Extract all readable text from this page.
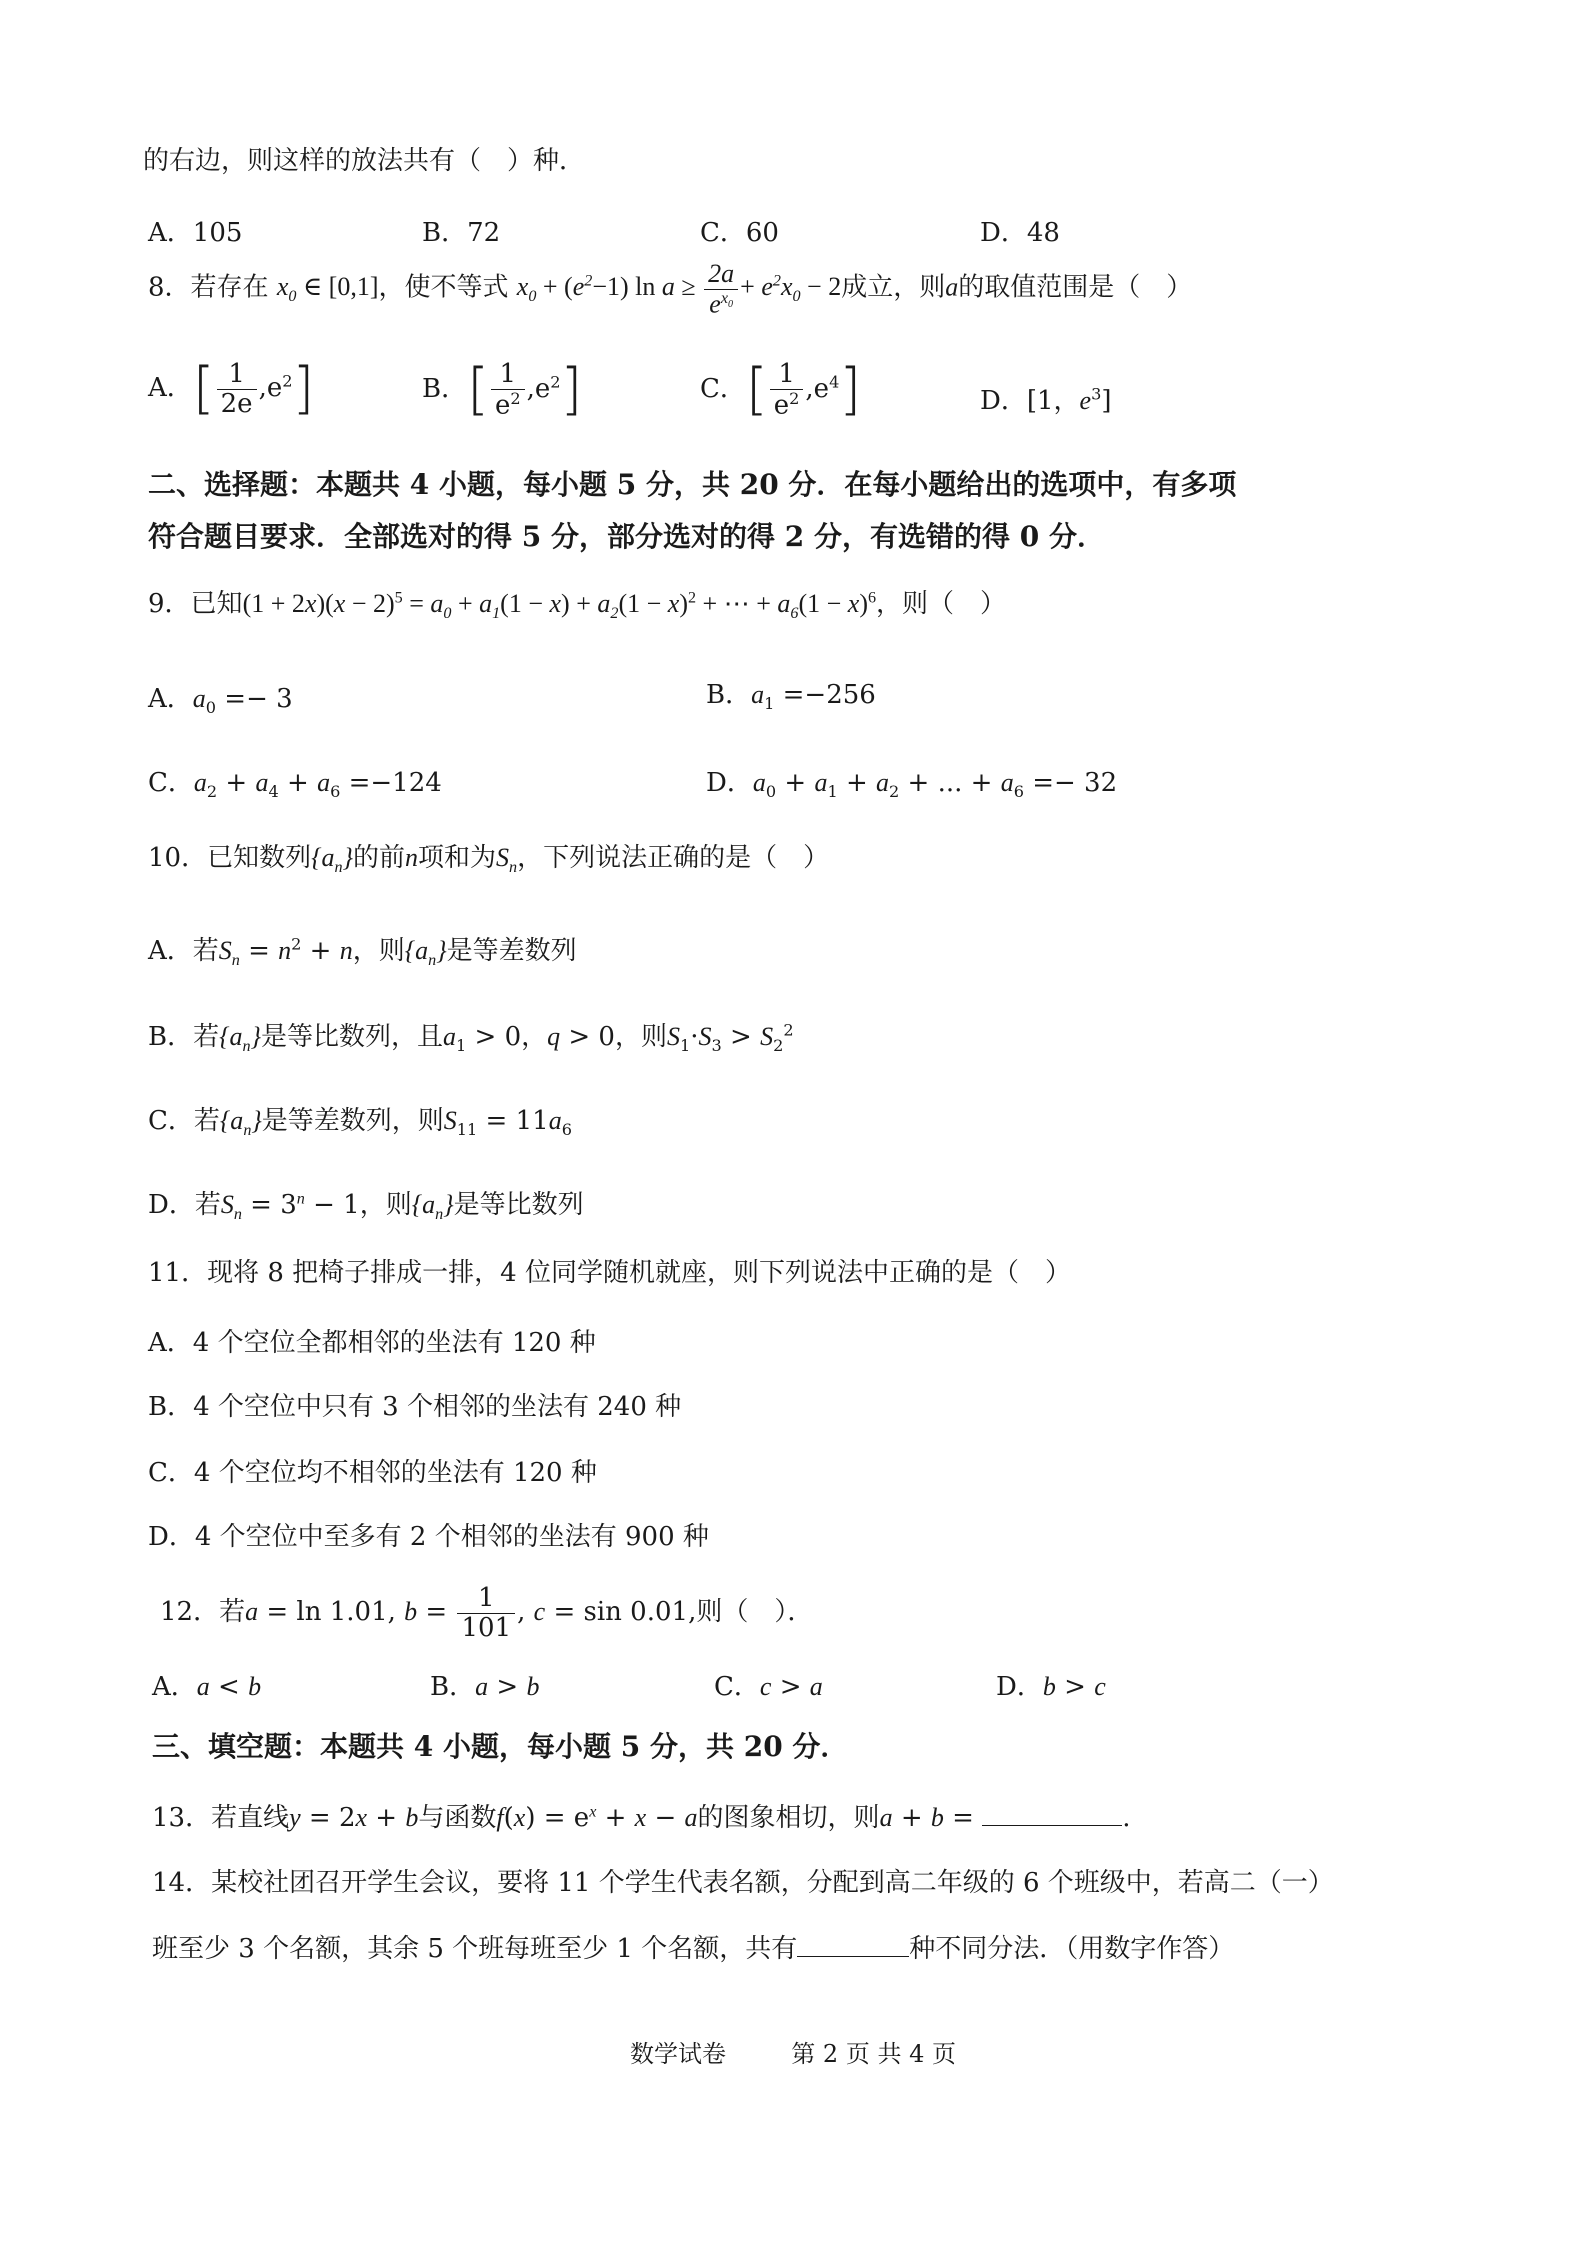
的右边，则这样的放法共有（　）种．
A．105	B．72	C．60	D．48
8．若存在 $x_0$ ∈ [0,1]，使不等式 $x_0 + (e^2-1)$ $\ln a \ge \frac{2a}{e^{x_0}} + e^2x_0 - 2$成立，则a的取值范围是（　）
A．[ $\frac{1}{2e} ,e^2$]	B．[ $\frac{1}{e^2} ,e^2$]	C．[ $\frac{1}{e^2} ,e^4$]	D．[1，$e^3$]
二、选择题：本题共 4 小题，每小题 5 分，共 20 分．在每小题给出的选项中，有多项
符合题目要求．全部选对的得 5 分，部分选对的得 2 分，有选错的得 0 分．
9．已知$(1 + 2x)(x - 2)^5 = a_0 + a_1(1 - x) + a_2(1 - x)^2$ + ⋯ + $a_6(1 - x)^6$，则（　）
A．$a_0 =- 3$	B．$a_1 =-256$
C．$a_2 + a_4 + a_6 =-124$	D．$a_0 + a_1 + a_2$ + ... + $a_6 =- 32$
10．已知数列$\{a_n\}$的前n项和为$S_n$，下列说法正确的是（　）
A．若$S_n = n^2 + n$，则$\{a_n\}$是等差数列
B．若$\{a_n\}$是等比数列，且$a_1 > 0$，q > 0，则$S_1\cdot S_3 > S_2^2$
C．若$\{a_n\}$是等差数列，则$S_{11} = 11a_6$
D．若$S_n = 3^n - 1$，则$\{a_n\}$是等比数列
11．现将 8 把椅子排成一排，4 位同学随机就座，则下列说法中正确的是（　）
A．4 个空位全都相邻的坐法有 120 种
B．4 个空位中只有 3 个相邻的坐法有 240 种
C．4 个空位均不相邻的坐法有 120 种
D．4 个空位中至多有 2 个相邻的坐法有 900 种
12．若a = ln 1.01, $b = \frac{1}{101}$ , c = sin 0.01,则（　）．
A．a < b	B．a > b	C．c > a	D．b > c
三、填空题：本题共 4 小题，每小题 5 分，共 20 分．
13．若直线y = 2x + b与函数$f(x) = e^x + x - a$的图象相切，则a + b =	.
14．某校社团召开学生会议，要将 11 个学生代表名额，分配到高二年级的 6 个班级中，若高二（一）
班至少 3 个名额，其余 5 个班每班至少 1 个名额，共有	种不同分法．（用数字作答）
数学试卷	第 2 页 共 4 页
